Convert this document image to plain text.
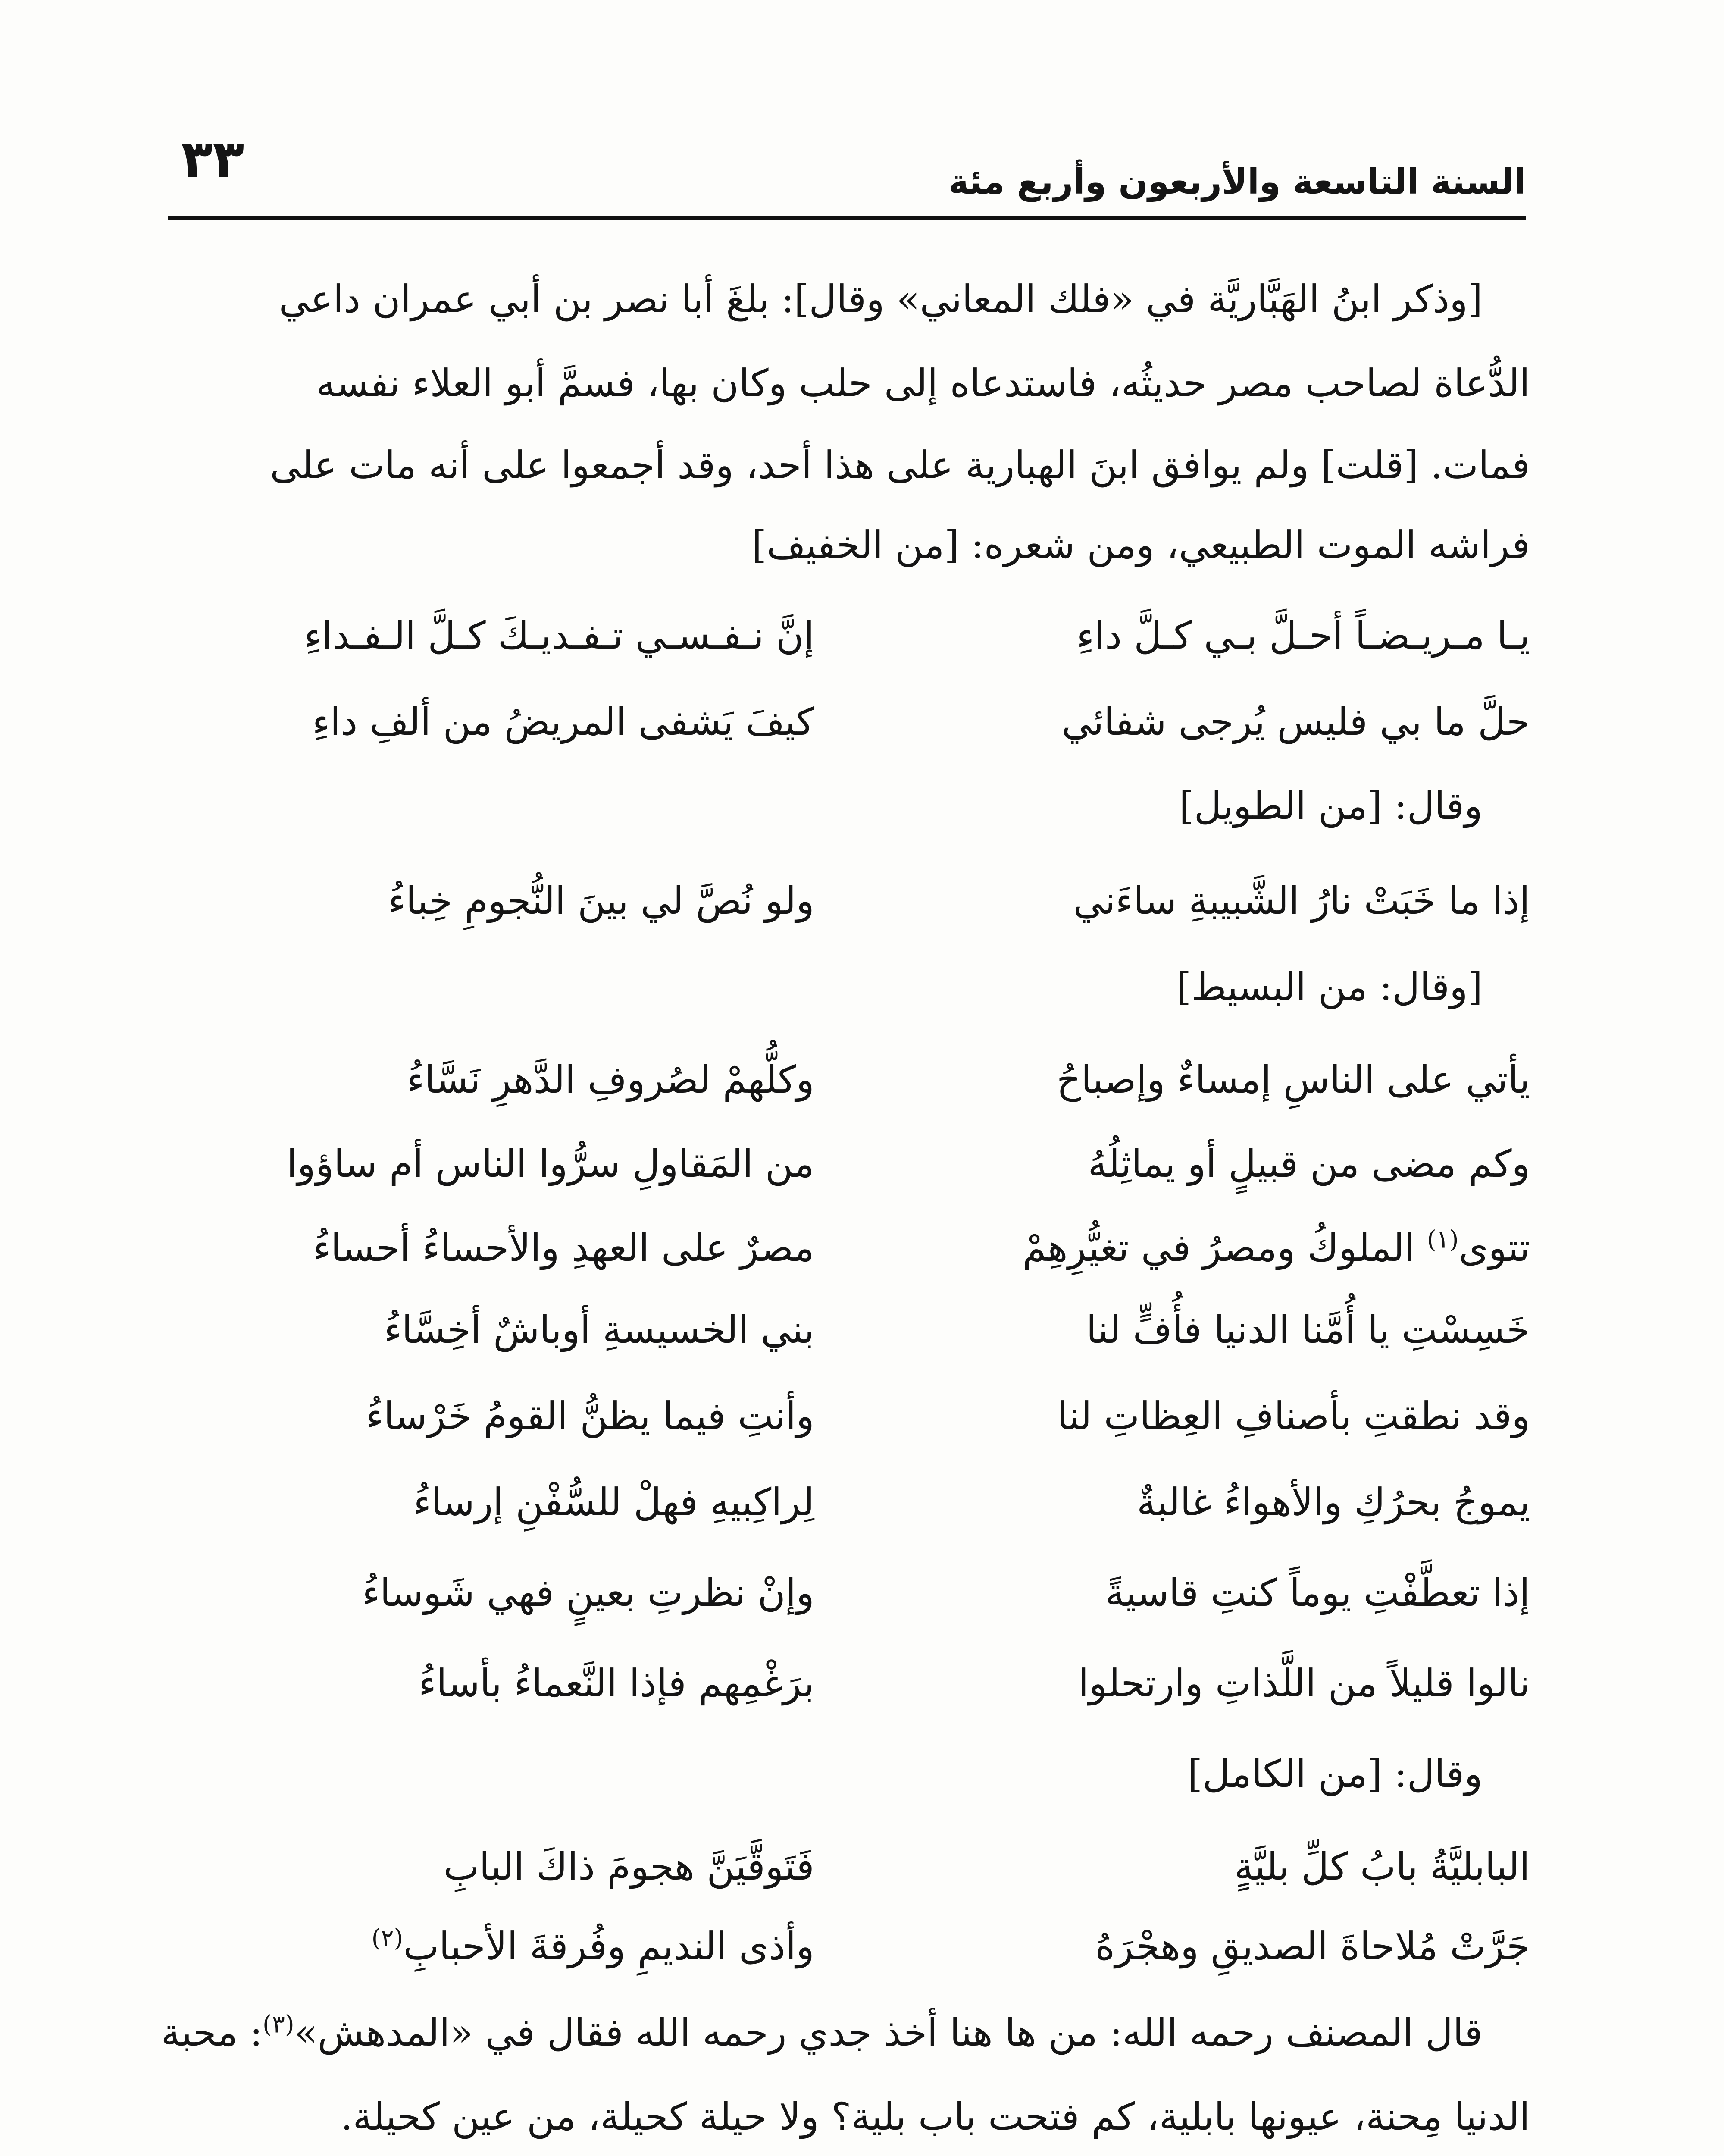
السنة التاسعة والأربعون وأربع مئة
٣٣
[وذكر ابنُ الهَبَّاريَّة في «فلك المعاني» وقال]: بلغَ أبا نصر بن أبي عمران داعي
الدُّعاة لصاحب مصر حديثُه، فاستدعاه إلى حلب وكان بها، فسمَّ أبو العلاء نفسه
فمات. [قلت] ولم يوافق ابنَ الهبارية على هذا أحد، وقد أجمعوا على أنه مات على
فراشه الموت الطبيعي، ومن شعره: [من الخفيف]
يـا مـريـضـاً أحـلَّ بـي كـلَّ داءِ
إنَّ نـفـسـي تـفـديـكَ كـلَّ الـفـداءِ
حلَّ ما بي فليس يُرجى شفائي
كيفَ يَشفى المريضُ من ألفِ داءِ
وقال: [من الطويل]
إذا ما خَبَتْ نارُ الشَّبيبةِ ساءَني
ولو نُصَّ لي بينَ النُّجومِ خِباءُ
[وقال: من البسيط]
يأتي على الناسِ إمساءٌ وإصباحُ
وكلُّهمْ لصُروفِ الدَّهرِ نَسَّاءُ
وكم مضى من قبيلٍ أو يماثِلُهُ
من المَقاولِ سرُّوا الناس أم ساؤوا
تتوى$^{(١)}$ الملوكُ ومصرُ في تغيُّرِهِمْ
مصرٌ على العهدِ والأحساءُ أحساءُ
خَسِسْتِ يا أُمَّنا الدنيا فأُفٍّ لنا
بني الخسيسةِ أوباشٌ أخِسَّاءُ
وقد نطقتِ بأصنافِ العِظاتِ لنا
وأنتِ فيما يظنُّ القومُ خَرْساءُ
يموجُ بحرُكِ والأهواءُ غالبةٌ
لِراكِبيهِ فهلْ للسُّفْنِ إرساءُ
إذا تعطَّفْتِ يوماً كنتِ قاسيةً
وإنْ نظرتِ بعينٍ فهي شَوساءُ
نالوا قليلاً من اللَّذاتِ وارتحلوا
برَغْمِهم فإذا النَّعماءُ بأساءُ
وقال: [من الكامل]
البابليَّةُ بابُ كلِّ بليَّةٍ
فَتَوقَّيَنَّ هجومَ ذاكَ البابِ
جَرَّتْ مُلاحاةَ الصديقِ وهجْرَهُ
وأذى النديمِ وفُرقةَ الأحبابِ$^{(٢)}$
قال المصنف رحمه الله: من ها هنا أخذ جدي رحمه الله فقال في «المدهش»$^{(٣)}$: محبة
الدنيا مِحنة، عيونها بابلية، كم فتحت باب بلية؟ ولا حيلة كحيلة، من عين كحيلة.
